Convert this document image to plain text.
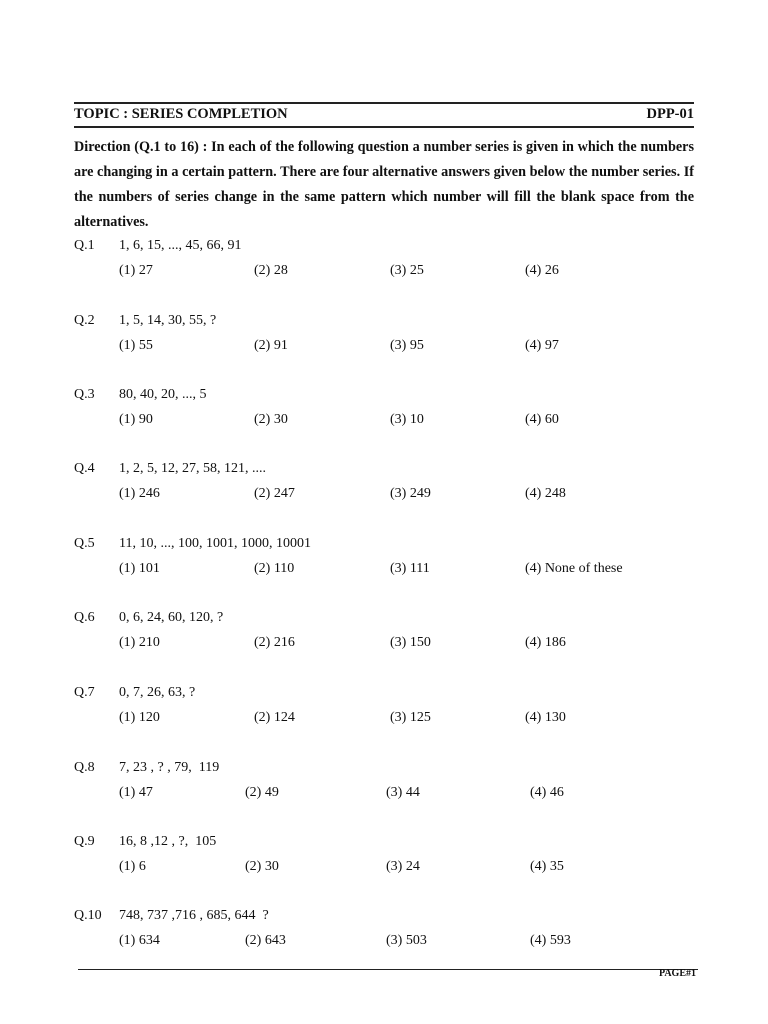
TOPIC : SERIES COMPLETION	DPP-01
Direction (Q.1 to 16) : In each of the following question a number series is given in which the numbers are changing in a certain pattern. There are four alternative answers given below the number series. If the numbers of series change in the same pattern which number will fill the blank space from the alternatives.
Q.1 1, 6, 15, ..., 45, 66, 91
(1) 27	(2) 28	(3) 25	(4) 26
Q.2 1, 5, 14, 30, 55, ?
(1) 55	(2) 91	(3) 95	(4) 97
Q.3 80, 40, 20, ..., 5
(1) 90	(2) 30	(3) 10	(4) 60
Q.4 1, 2, 5, 12, 27, 58, 121, ....
(1) 246	(2) 247	(3) 249	(4) 248
Q.5 11, 10, ..., 100, 1001, 1000, 10001
(1) 101	(2) 110	(3) 111	(4) None of these
Q.6 0, 6, 24, 60, 120, ?
(1) 210	(2) 216	(3) 150	(4) 186
Q.7 0, 7, 26, 63, ?
(1) 120	(2) 124	(3) 125	(4) 130
Q.8 7, 23 , ? , 79,  119
(1) 47	(2) 49	(3) 44	(4) 46
Q.9 16, 8 ,12 , ?,  105
(1) 6	(2) 30	(3) 24	(4) 35
Q.10 748, 737 ,716 , 685, 644  ?
(1) 634	(2) 643	(3) 503	(4) 593
PAGE#1
